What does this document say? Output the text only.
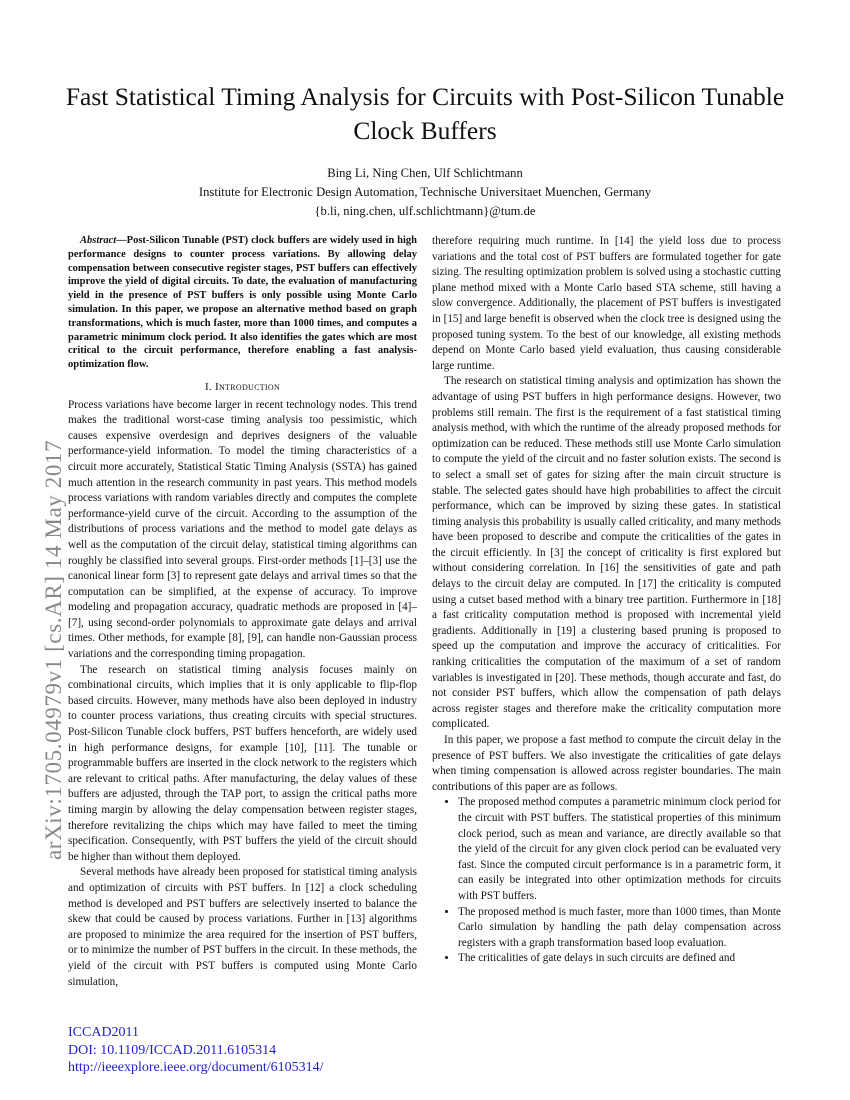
arXiv:1705.04979v1 [cs.AR] 14 May 2017
Fast Statistical Timing Analysis for Circuits with Post-Silicon Tunable Clock Buffers
Bing Li, Ning Chen, Ulf Schlichtmann
Institute for Electronic Design Automation, Technische Universitaet Muenchen, Germany
{b.li, ning.chen, ulf.schlichtmann}@tum.de

Abstract—Post-Silicon Tunable (PST) clock buffers are widely used in high performance designs to counter process variations. By allowing delay compensation between consecutive register stages, PST buffers can effectively improve the yield of digital circuits. To date, the evaluation of manufacturing yield in the presence of PST buffers is only possible using Monte Carlo simulation. In this paper, we propose an alternative method based on graph transformations, which is much faster, more than 1000 times, and computes a parametric minimum clock period. It also identifies the gates which are most critical to the circuit performance, therefore enabling a fast analysis-optimization flow.

I. Introduction

Process variations have become larger in recent technology nodes. This trend makes the traditional worst-case timing analysis too pessimistic, which causes expensive overdesign and deprives designers of the valuable performance-yield information. To model the timing characteristics of a circuit more accurately, Statistical Static Timing Analysis (SSTA) has gained much attention in the research community in past years. This method models process variations with random variables directly and computes the complete performance-yield curve of the circuit. According to the assumption of the distributions of process variations and the method to model gate delays as well as the computation of the circuit delay, statistical timing algorithms can roughly be classified into several groups. First-order methods [1]–[3] use the canonical linear form [3] to represent gate delays and arrival times so that the computation can be simplified, at the expense of accuracy. To improve modeling and propagation accuracy, quadratic methods are proposed in [4]–[7], using second-order polynomials to approximate gate delays and arrival times. Other methods, for example [8], [9], can handle non-Gaussian process variations and the corresponding timing propagation.

The research on statistical timing analysis focuses mainly on combinational circuits, which implies that it is only applicable to flip-flop based circuits. However, many methods have also been deployed in industry to counter process variations, thus creating circuits with special structures. Post-Silicon Tunable clock buffers, PST buffers henceforth, are widely used in high performance designs, for example [10], [11]. The tunable or programmable buffers are inserted in the clock network to the registers which are relevant to critical paths. After manufacturing, the delay values of these buffers are adjusted, through the TAP port, to assign the critical paths more timing margin by allowing the delay compensation between register stages, therefore revitalizing the chips which may have failed to meet the timing specification. Consequently, with PST buffers the yield of the circuit should be higher than without them deployed.

Several methods have already been proposed for statistical timing analysis and optimization of circuits with PST buffers. In [12] a clock scheduling method is developed and PST buffers are selectively inserted to balance the skew that could be caused by process variations. Further in [13] algorithms are proposed to minimize the area required for the insertion of PST buffers, or to minimize the number of PST buffers in the circuit. In these methods, the yield of the circuit with PST buffers is computed using Monte Carlo simulation,

therefore requiring much runtime. In [14] the yield loss due to process variations and the total cost of PST buffers are formulated together for gate sizing. The resulting optimization problem is solved using a stochastic cutting plane method mixed with a Monte Carlo based STA scheme, still having a slow convergence. Additionally, the placement of PST buffers is investigated in [15] and large benefit is observed when the clock tree is designed using the proposed tuning system. To the best of our knowledge, all existing methods depend on Monte Carlo based yield evaluation, thus causing considerable large runtime.

The research on statistical timing analysis and optimization has shown the advantage of using PST buffers in high performance designs. However, two problems still remain. The first is the requirement of a fast statistical timing analysis method, with which the runtime of the already proposed methods for optimization can be reduced. These methods still use Monte Carlo simulation to compute the yield of the circuit and no faster solution exists. The second is to select a small set of gates for sizing after the main circuit structure is stable. The selected gates should have high probabilities to affect the circuit performance, which can be improved by sizing these gates. In statistical timing analysis this probability is usually called criticality, and many methods have been proposed to describe and compute the criticalities of the gates in the circuit efficiently. In [3] the concept of criticality is first explored but without considering correlation. In [16] the sensitivities of gate and path delays to the circuit delay are computed. In [17] the criticality is computed using a cutset based method with a binary tree partition. Furthermore in [18] a fast criticality computation method is proposed with incremental yield gradients. Additionally in [19] a clustering based pruning is proposed to speed up the computation and improve the accuracy of criticalities. For ranking criticalities the computation of the maximum of a set of random variables is investigated in [20]. These methods, though accurate and fast, do not consider PST buffers, which allow the compensation of path delays across register stages and therefore make the criticality computation more complicated.

In this paper, we propose a fast method to compute the circuit delay in the presence of PST buffers. We also investigate the criticalities of gate delays when timing compensation is allowed across register boundaries. The main contributions of this paper are as follows.

• The proposed method computes a parametric minimum clock period for the circuit with PST buffers. The statistical properties of this minimum clock period, such as mean and variance, are directly available so that the yield of the circuit for any given clock period can be evaluated very fast. Since the computed circuit performance is in a parametric form, it can easily be integrated into other optimization methods for circuits with PST buffers.
• The proposed method is much faster, more than 1000 times, than Monte Carlo simulation by handling the path delay compensation across registers with a graph transformation based loop evaluation.
• The criticalities of gate delays in such circuits are defined and
ICCAD2011
DOI: 10.1109/ICCAD.2011.6105314
http://ieeexplore.ieee.org/document/6105314/
